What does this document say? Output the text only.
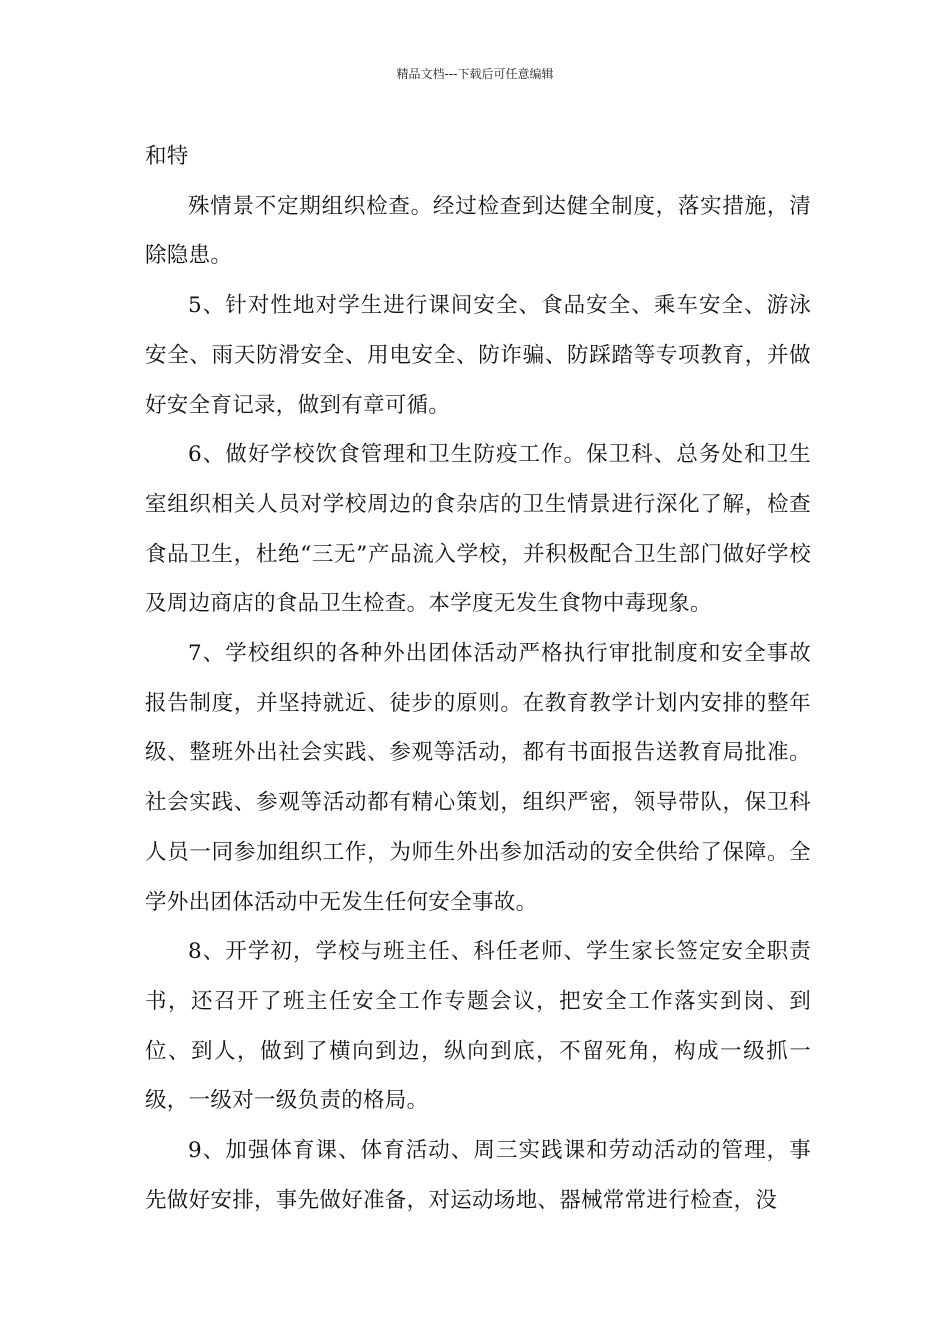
精品文档---下载后可任意编辑

和特

殊情景不定期组织检查。经过检查到达健全制度，落实措施，清除隐患。

5、针对性地对学生进行课间安全、食品安全、乘车安全、游泳安全、雨天防滑安全、用电安全、防诈骗、防踩踏等专项教育，并做好安全育记录，做到有章可循。

6、做好学校饮食管理和卫生防疫工作。保卫科、总务处和卫生室组织相关人员对学校周边的食杂店的卫生情景进行深化了解，检查食品卫生，杜绝“三无”产品流入学校，并积极配合卫生部门做好学校及周边商店的食品卫生检查。本学度无发生食物中毒现象。

7、学校组织的各种外出团体活动严格执行审批制度和安全事故报告制度，并坚持就近、徒步的原则。在教育教学计划内安排的整年级、整班外出社会实践、参观等活动，都有书面报告送教育局批准。社会实践、参观等活动都有精心策划，组织严密，领导带队，保卫科人员一同参加组织工作，为师生外出参加活动的安全供给了保障。全学外出团体活动中无发生任何安全事故。

8、开学初，学校与班主任、科任老师、学生家长签定安全职责书，还召开了班主任安全工作专题会议，把安全工作落实到岗、到位、到人，做到了横向到边，纵向到底，不留死角，构成一级抓一级，一级对一级负责的格局。

9、加强体育课、体育活动、周三实践课和劳动活动的管理，事先做好安排，事先做好准备，对运动场地、器械常常进行检查，没
